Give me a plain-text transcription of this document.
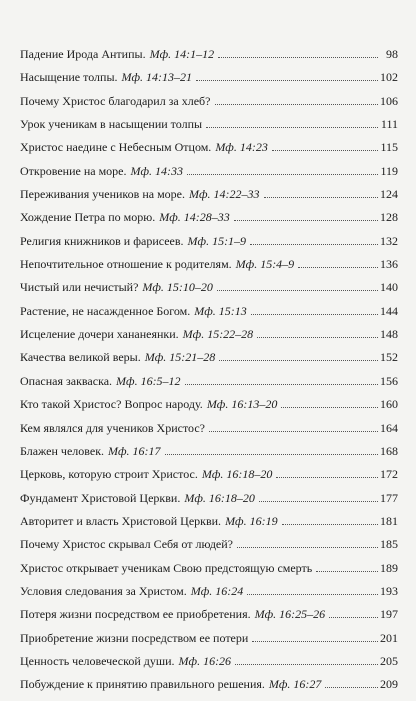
Падение Ирода Антипы. Мф. 14:1–12	98
Насыщение толпы. Мф. 14:13–21	102
Почему Христос благодарил за хлеб?	106
Урок ученикам в насыщении толпы	111
Христос наедине с Небесным Отцом. Мф. 14:23	115
Откровение на море. Мф. 14:33	119
Переживания учеников на море. Мф. 14:22–33	124
Хождение Петра по морю. Мф. 14:28–33	128
Религия книжников и фарисеев. Мф. 15:1–9	132
Непочтительное отношение к родителям. Мф. 15:4–9	136
Чистый или нечистый? Мф. 15:10–20	140
Растение, не насажденное Богом. Мф. 15:13	144
Исцеление дочери хананеянки. Мф. 15:22–28	148
Качества великой веры. Мф. 15:21–28	152
Опасная закваска. Мф. 16:5–12	156
Кто такой Христос? Вопрос народу. Мф. 16:13–20	160
Кем являлся для учеников Христос?	164
Блажен человек. Мф. 16:17	168
Церковь, которую строит Христос. Мф. 16:18–20	172
Фундамент Христовой Церкви. Мф. 16:18–20	177
Авторитет и власть Христовой Церкви. Мф. 16:19	181
Почему Христос скрывал Себя от людей?	185
Христос открывает ученикам Свою предстоящую смерть	189
Условия следования за Христом. Мф. 16:24	193
Потеря жизни посредством ее приобретения. Мф. 16:25–26	197
Приобретение жизни посредством ее потери	201
Ценность человеческой души. Мф. 16:26	205
Побуждение к принятию правильного решения. Мф. 16:27	209
